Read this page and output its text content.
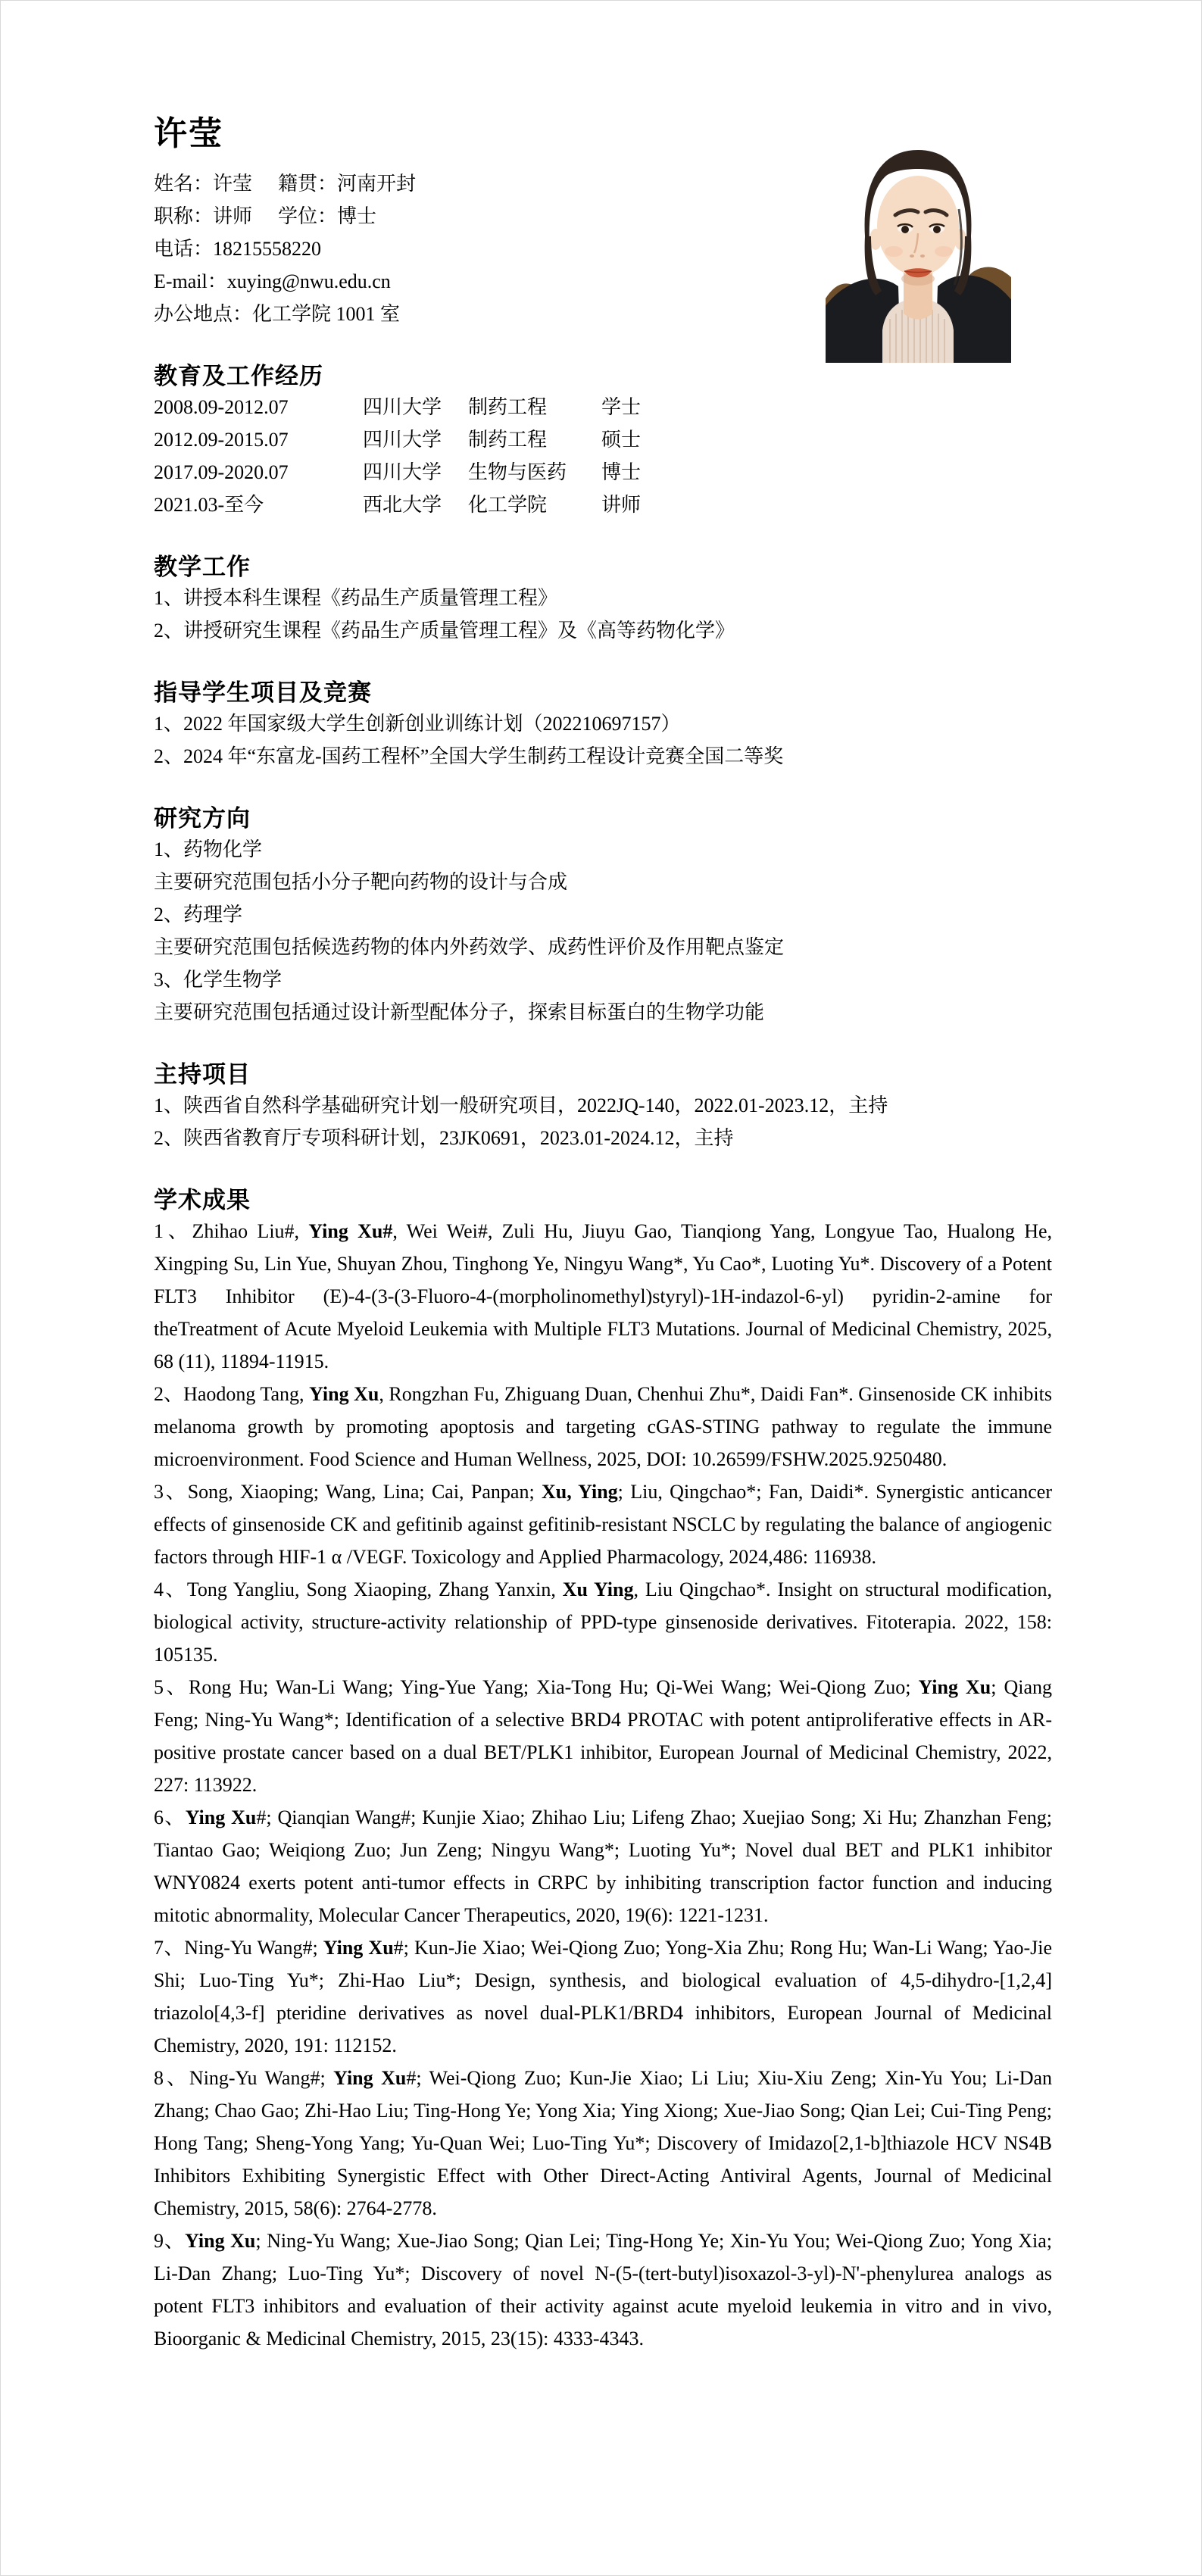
许莹
姓名：许莹 籍贯：河南开封
职称：讲师 学位：博士
电话：18215558220
E-mail：xuying@nwu.edu.cn
办公地点：化工学院 1001 室
教育及工作经历
2008.09-2012.07	四川大学	制药工程	学士
2012.09-2015.07	四川大学	制药工程	硕士
2017.09-2020.07	四川大学	生物与医药	博士
2021.03-至今	西北大学	化工学院	讲师
教学工作
1、讲授本科生课程《药品生产质量管理工程》
2、讲授研究生课程《药品生产质量管理工程》及《高等药物化学》
指导学生项目及竞赛
1、2022 年国家级大学生创新创业训练计划（202210697157）
2、2024 年“东富龙-国药工程杯”全国大学生制药工程设计竞赛全国二等奖
研究方向
1、药物化学
主要研究范围包括小分子靶向药物的设计与合成
2、药理学
主要研究范围包括候选药物的体内外药效学、成药性评价及作用靶点鉴定
3、化学生物学
主要研究范围包括通过设计新型配体分子，探索目标蛋白的生物学功能
主持项目
1、陕西省自然科学基础研究计划一般研究项目，2022JQ-140，2022.01-2023.12，主持
2、陕西省教育厅专项科研计划，23JK0691，2023.01-2024.12，主持
学术成果

1、Zhihao Liu#, Ying Xu#, Wei Wei#, Zuli Hu, Jiuyu Gao, Tianqiong Yang, Longyue Tao, Hualong He, Xingping Su, Lin Yue, Shuyan Zhou, Tinghong Ye, Ningyu Wang*, Yu Cao*, Luoting Yu*. Discovery of a Potent FLT3 Inhibitor (E)-4-(3-(3-Fluoro-4-(morpholinomethyl)styryl)-1H-indazol-6-yl) pyridin-2-amine for theTreatment of Acute Myeloid Leukemia with Multiple FLT3 Mutations. Journal of Medicinal Chemistry, 2025, 68 (11), 11894-11915.

2、Haodong Tang, Ying Xu, Rongzhan Fu, Zhiguang Duan, Chenhui Zhu*, Daidi Fan*. Ginsenoside CK inhibits melanoma growth by promoting apoptosis and targeting cGAS-STING pathway to regulate the immune microenvironment. Food Science and Human Wellness, 2025, DOI: 10.26599/FSHW.2025.9250480.

3、Song, Xiaoping; Wang, Lina; Cai, Panpan; Xu, Ying; Liu, Qingchao*; Fan, Daidi*. Synergistic anticancer effects of ginsenoside CK and gefitinib against gefitinib-resistant NSCLC by regulating the balance of angiogenic factors through HIF-1 α /VEGF. Toxicology and Applied Pharmacology, 2024,486: 116938.

4、Tong Yangliu, Song Xiaoping, Zhang Yanxin, Xu Ying, Liu Qingchao*. Insight on structural modification, biological activity, structure-activity relationship of PPD-type ginsenoside derivatives. Fitoterapia. 2022, 158: 105135.

5、Rong Hu; Wan-Li Wang; Ying-Yue Yang; Xia-Tong Hu; Qi-Wei Wang; Wei-Qiong Zuo; Ying Xu; Qiang Feng; Ning-Yu Wang*; Identification of a selective BRD4 PROTAC with potent antiproliferative effects in AR-positive prostate cancer based on a dual BET/PLK1 inhibitor, European Journal of Medicinal Chemistry, 2022, 227: 113922.

6、Ying Xu#; Qianqian Wang#; Kunjie Xiao; Zhihao Liu; Lifeng Zhao; Xuejiao Song; Xi Hu; Zhanzhan Feng; Tiantao Gao; Weiqiong Zuo; Jun Zeng; Ningyu Wang*; Luoting Yu*; Novel dual BET and PLK1 inhibitor WNY0824 exerts potent anti-tumor effects in CRPC by inhibiting transcription factor function and inducing mitotic abnormality, Molecular Cancer Therapeutics, 2020, 19(6): 1221-1231.

7、Ning-Yu Wang#; Ying Xu#; Kun-Jie Xiao; Wei-Qiong Zuo; Yong-Xia Zhu; Rong Hu; Wan-Li Wang; Yao-Jie Shi; Luo-Ting Yu*; Zhi-Hao Liu*; Design, synthesis, and biological evaluation of 4,5-dihydro-[1,2,4] triazolo[4,3-f] pteridine derivatives as novel dual-PLK1/BRD4 inhibitors, European Journal of Medicinal Chemistry, 2020, 191: 112152.

8、Ning-Yu Wang#; Ying Xu#; Wei-Qiong Zuo; Kun-Jie Xiao; Li Liu; Xiu-Xiu Zeng; Xin-Yu You; Li-Dan Zhang; Chao Gao; Zhi-Hao Liu; Ting-Hong Ye; Yong Xia; Ying Xiong; Xue-Jiao Song; Qian Lei; Cui-Ting Peng; Hong Tang; Sheng-Yong Yang; Yu-Quan Wei; Luo-Ting Yu*; Discovery of Imidazo[2,1-b]thiazole HCV NS4B Inhibitors Exhibiting Synergistic Effect with Other Direct-Acting Antiviral Agents, Journal of Medicinal Chemistry, 2015, 58(6): 2764-2778.

9、Ying Xu; Ning-Yu Wang; Xue-Jiao Song; Qian Lei; Ting-Hong Ye; Xin-Yu You; Wei-Qiong Zuo; Yong Xia; Li-Dan Zhang; Luo-Ting Yu*; Discovery of novel N-(5-(tert-butyl)isoxazol-3-yl)-N'-phenylurea analogs as potent FLT3 inhibitors and evaluation of their activity against acute myeloid leukemia in vitro and in vivo, Bioorganic & Medicinal Chemistry, 2015, 23(15): 4333-4343.
